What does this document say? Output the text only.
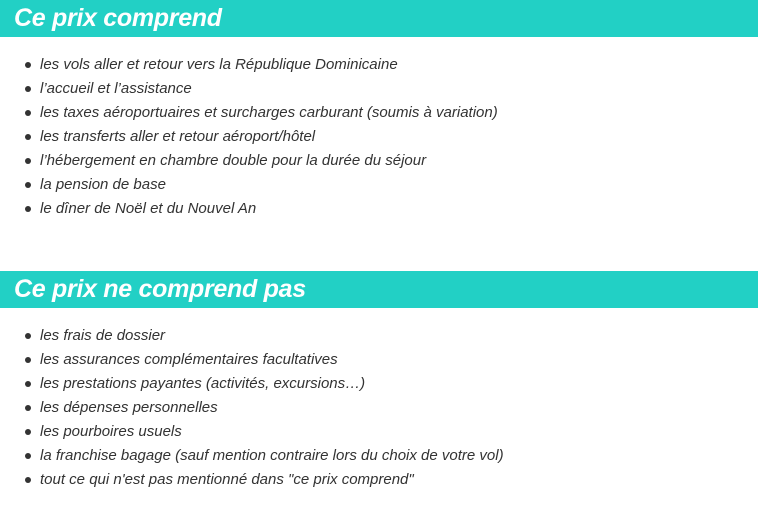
Ce prix comprend
les vols aller et retour vers la République Dominicaine
l’accueil et l’assistance
les taxes aéroportuaires et surcharges carburant (soumis à variation)
les transferts aller et retour aéroport/hôtel
l’hébergement en chambre double pour la durée du séjour
la pension de base
le dîner de Noël et du Nouvel An
Ce prix ne comprend pas
les frais de dossier
les assurances complémentaires facultatives
les prestations payantes (activités, excursions…)
les dépenses personnelles
les pourboires usuels
la franchise bagage (sauf mention contraire lors du choix de votre vol)
tout ce qui n'est pas mentionné dans "ce prix comprend"
